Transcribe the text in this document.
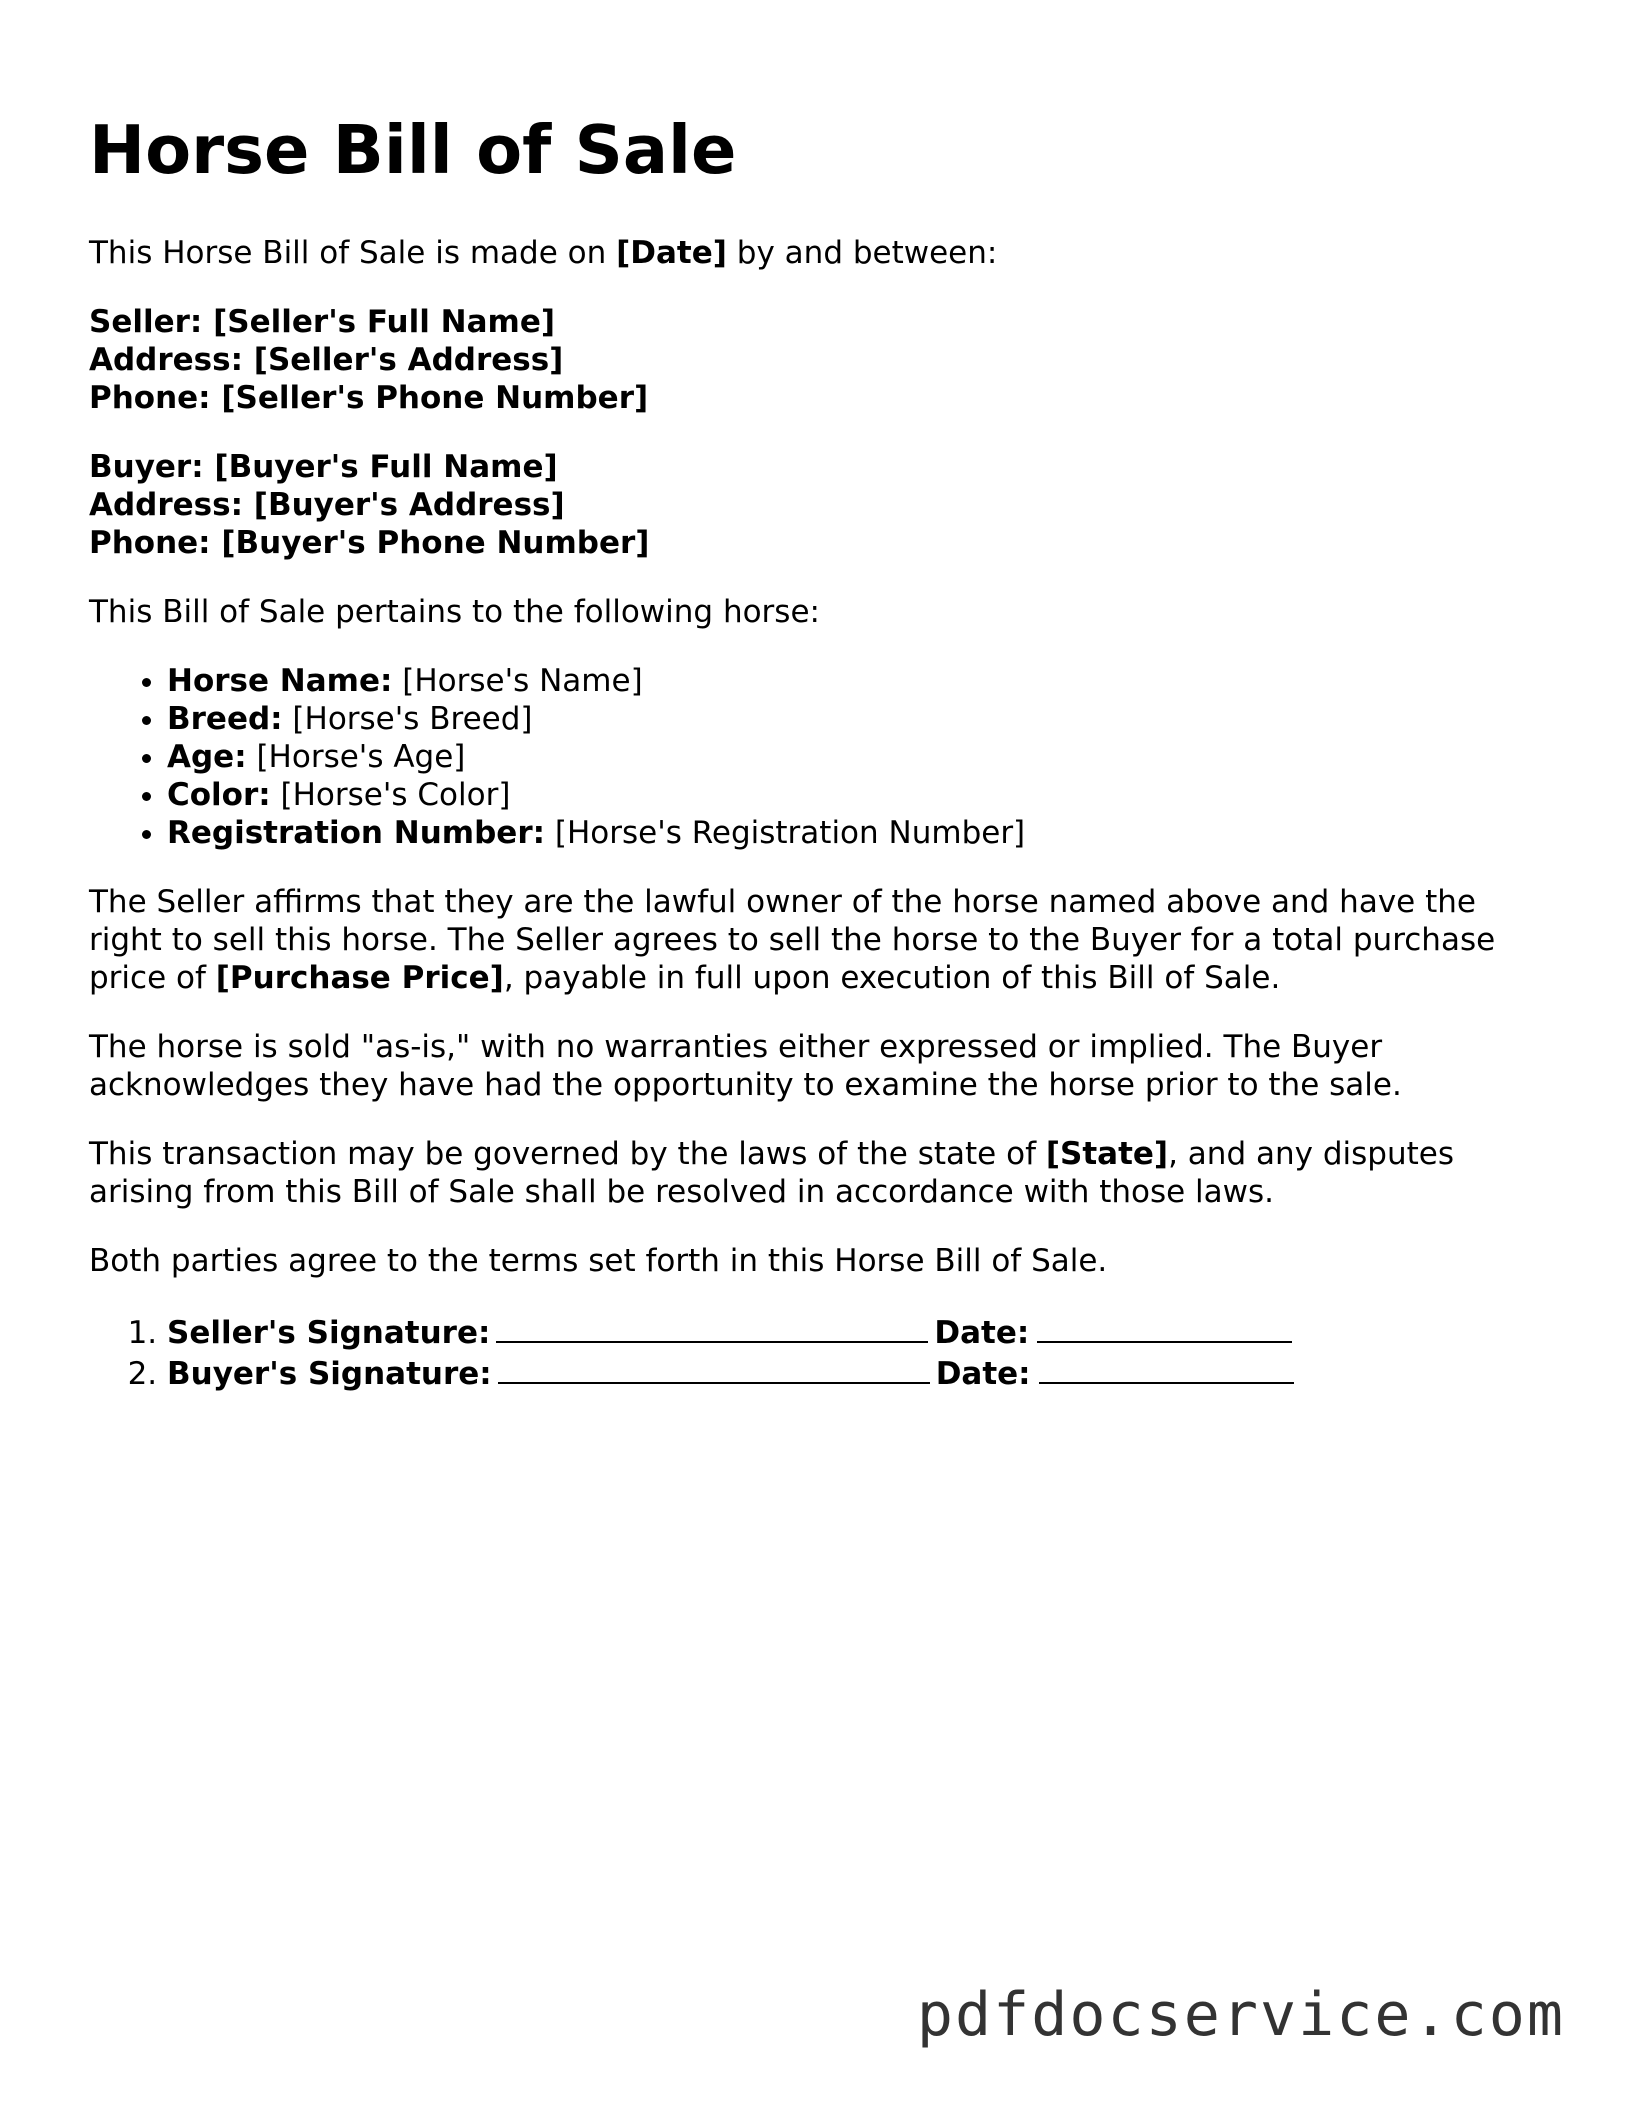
Horse Bill of Sale
This Horse Bill of Sale is made on [Date] by and between:
Seller: [Seller's Full Name]
Address: [Seller's Address]
Phone: [Seller's Phone Number]
Buyer: [Buyer's Full Name]
Address: [Buyer's Address]
Phone: [Buyer's Phone Number]
This Bill of Sale pertains to the following horse:
• Horse Name: [Horse's Name]
• Breed: [Horse's Breed]
• Age: [Horse's Age]
• Color: [Horse's Color]
• Registration Number: [Horse's Registration Number]
The Seller affirms that they are the lawful owner of the horse named above and have the right to sell this horse. The Seller agrees to sell the horse to the Buyer for a total purchase price of [Purchase Price], payable in full upon execution of this Bill of Sale.
The horse is sold "as-is," with no warranties either expressed or implied. The Buyer acknowledges they have had the opportunity to examine the horse prior to the sale.
This transaction may be governed by the laws of the state of [State], and any disputes arising from this Bill of Sale shall be resolved in accordance with those laws.
Both parties agree to the terms set forth in this Horse Bill of Sale.
1. Seller's Signature:	Date:
2. Buyer's Signature:	Date:
pdfdocservice.com
